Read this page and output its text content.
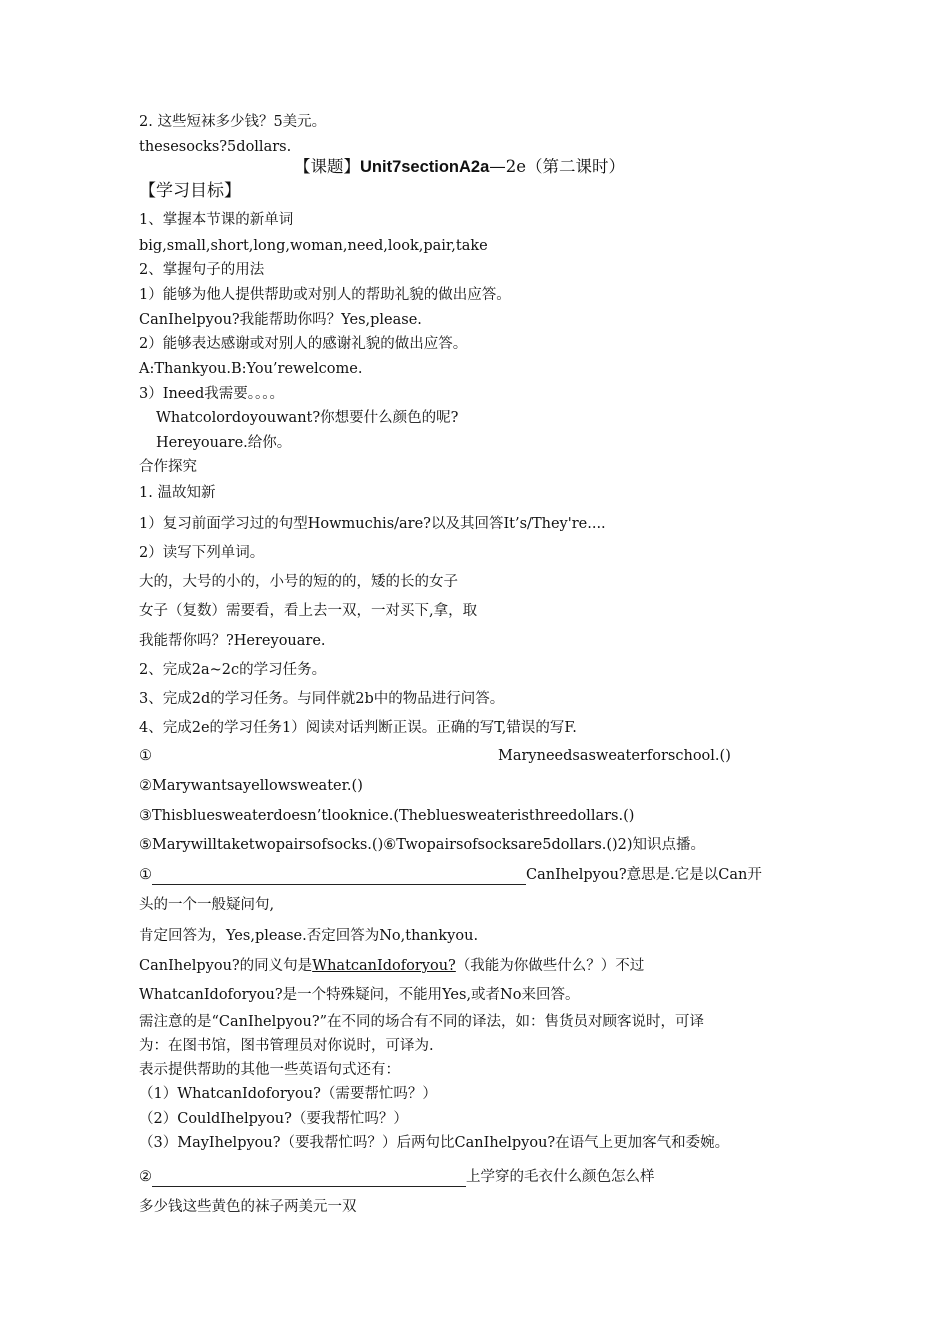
2. 这些短袜多少钱？5美元。
thesesocks?5dollars.
【课题】Unit7sectionA2a—2e（第二课时）
【学习目标】
1、掌握本节课的新单词
big,small,short,long,woman,need,look,pair,take
2、掌握句子的用法
1）能够为他人提供帮助或对别人的帮助礼貌的做出应答。
CanIhelpyou?我能帮助你吗？Yes,please.
2）能够表达感谢或对别人的感谢礼貌的做出应答。
A:Thankyou.B:You’rewelcome.
3）Ineed我需要。。。。
Whatcolordoyouwant?你想要什么颜色的呢?
Hereyouare.给你。
合作探究
1. 温故知新
1）复习前面学习过的句型Howmuchis/are?以及其回答It’s/They're....
2）读写下列单词。
大的，大号的小的，小号的短的的，矮的长的女子
女子（复数）需要看，看上去一双，一对买下,拿，取
我能帮你吗？?Hereyouare.
2、完成2a~2c的学习任务。
3、完成2d的学习任务。与同伴就2b中的物品进行问答。
4、完成2e的学习任务1）阅读对话判断正误。正确的写T,错误的写F.
①	Maryneedsasweaterforschool.()
②Marywantsayellowsweater.()
③Thisbluesweaterdoesn’tlooknice.(Thebluesweateristhreedollars.()
⑤Marywilltaketwopairsofsocks.()⑥Twopairsofsocksare5dollars.()2)知识点播。
①	CanIhelpyou?意思是.它是以Can开
头的一个一般疑问句,
肯定回答为，Yes,please.否定回答为No,thankyou.
CanIhelpyou?的同义句是WhatcanIdoforyou?（我能为你做些什么？）不过
WhatcanIdoforyou?是一个特殊疑问，不能用Yes,或者No来回答。
需注意的是“CanIhelpyou?”在不同的场合有不同的译法，如：售货员对顾客说时，可译
为：在图书馆，图书管理员对你说时，可译为.
表示提供帮助的其他一些英语句式还有：
（1）WhatcanIdoforyou?（需要帮忙吗？）
（2）CouldIhelpyou?（要我帮忙吗？）
（3）MayIhelpyou?（要我帮忙吗？）后两句比CanIhelpyou?在语气上更加客气和委婉。
②	上学穿的毛衣什么颜色怎么样
多少钱这些黄色的袜子两美元一双
